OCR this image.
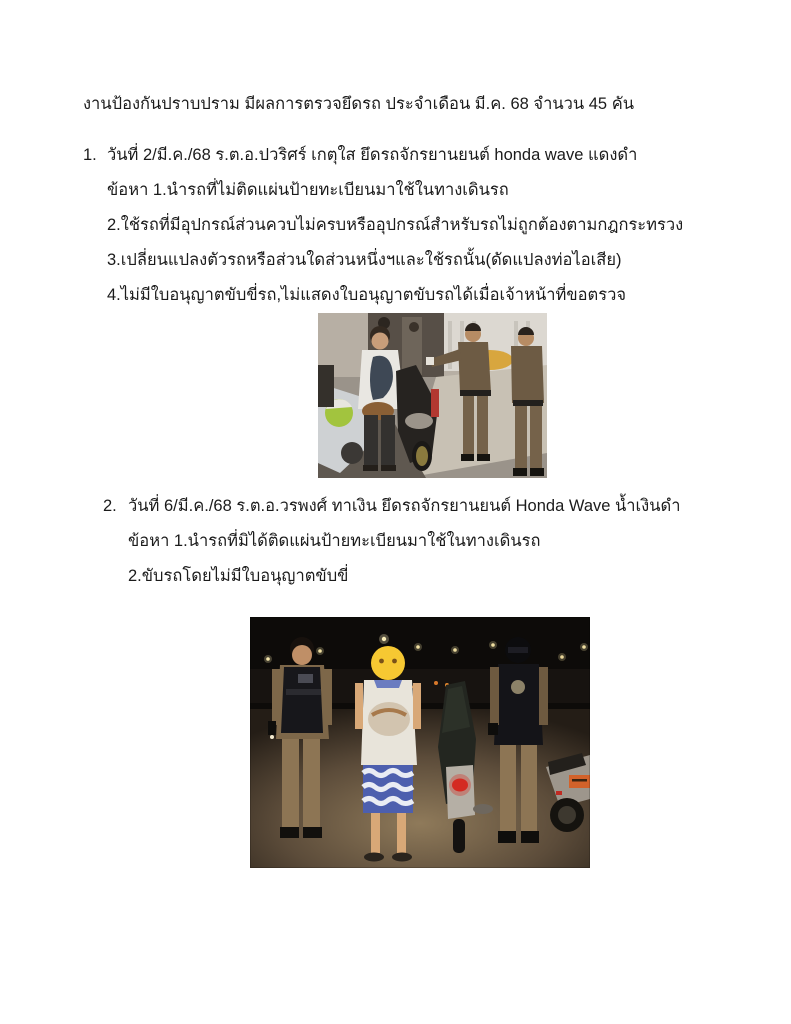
งานป้องกันปราบปราม มีผลการตรวจยึดรถ ประจำเดือน มี.ค. 68 จำนวน 45 คัน
1. วันที่ 2/มี.ค./68 ร.ต.อ.ปวริศร์ เกตุใส ยึดรถจักรยานยนต์ honda wave แดงดำ
ข้อหา 1.นำรถที่ไม่ติดแผ่นป้ายทะเบียนมาใช้ในทางเดินรถ
2.ใช้รถที่มีอุปกรณ์ส่วนควบไม่ครบหรืออุปกรณ์สำหรับรถไม่ถูกต้องตามกฎกระทรวง
3.เปลี่ยนแปลงตัวรถหรือส่วนใดส่วนหนึ่งฯและใช้รถนั้น(ดัดแปลงท่อไอเสีย)
4.ไม่มีใบอนุญาตขับขี่รถ,ไม่แสดงใบอนุญาตขับรถได้เมื่อเจ้าหน้าที่ขอตรวจ
2. วันที่ 6/มี.ค./68 ร.ต.อ.วรพงศ์ ทาเงิน ยึดรถจักรยานยนต์ Honda Wave น้ำเงินดำ
ข้อหา 1.นำรถที่มิได้ติดแผ่นป้ายทะเบียนมาใช้ในทางเดินรถ
2.ขับรถโดยไม่มีใบอนุญาตขับขี่
